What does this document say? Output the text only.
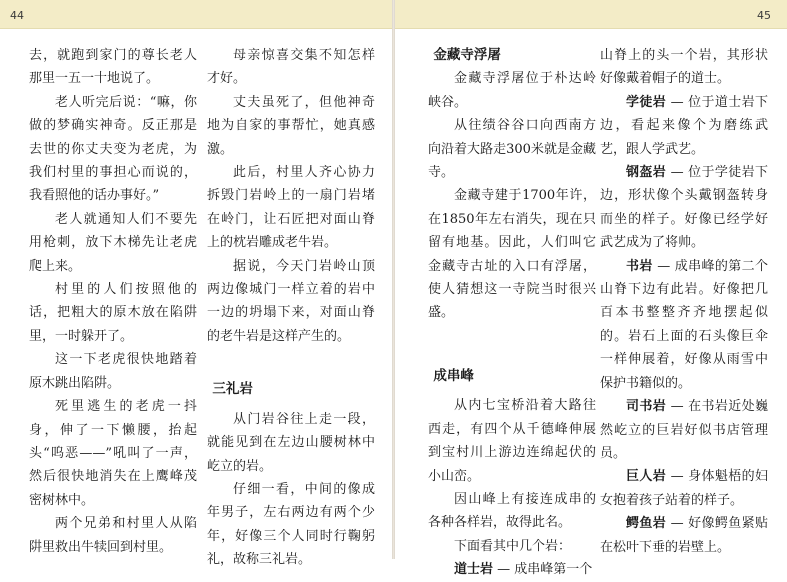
44

去，就跑到家门的尊长老人那里一五一十地说了。

老人听完后说：“嘛，你做的梦确实神奇。反正那是去世的你丈夫变为老虎，为我们村里的事担心而说的，我看照他的话办事好。”

老人就通知人们不要先用枪刺，放下木梯先让老虎爬上来。

村里的人们按照他的话，把粗大的原木放在陷阱里，一时躲开了。

这一下老虎很快地踏着原木跳出陷阱。

死里逃生的老虎一抖身，伸了一下懒腰，抬起头“呜恶——”吼叫了一声，然后很快地消失在上鹰峰茂密树林中。

两个兄弟和村里人从陷阱里救出牛犊回到村里。

母亲惊喜交集不知怎样才好。

丈夫虽死了，但他神奇地为自家的事帮忙，她真感激。

此后，村里人齐心协力拆毁门岩岭上的一扇门岩堵在岭门，让石匠把对面山脊上的枕岩雕成老牛岩。

据说，今天门岩岭山顶两边像城门一样立着的岩中一边的坍塌下来，对面山脊的老牛岩是这样产生的。

三礼岩

从门岩谷往上走一段，就能见到在左边山腰树林中屹立的岩。

仔细一看，中间的像成年男子，左右两边有两个少年，好像三个人同时行鞠躬礼，故称三礼岩。

45
金藏寺浮屠

金藏寺浮屠位于朴达岭峡谷。

从往绩谷谷口向西南方向沿着大路走300米就是金藏寺。

金藏寺建于1700年许，在1850年左右消失，现在只留有地基。因此，人们叫它金藏寺古址的入口有浮屠，使人猜想这一寺院当时很兴盛。

成串峰

从内七宝桥沿着大路往西走，有四个从千德峰伸展到宝村川上游边连绵起伏的小山峦。

因山峰上有接连成串的各种各样岩，故得此名。

下面看其中几个岩：

道士岩 — 成串峰第一个

山脊上的头一个岩，其形状好像戴着帽子的道士。

学徒岩 — 位于道士岩下边，看起来像个为磨练武艺，跟人学武艺。

钢盔岩 — 位于学徒岩下边，形状像个头戴钢盔转身而坐的样子。好像已经学好武艺成为了将帅。

书岩 — 成串峰的第二个山脊下边有此岩。好像把几百本书整整齐齐地摆起似的。岩石上面的石头像巨伞一样伸展着，好像从雨雪中保护书籍似的。

司书岩 — 在书岩近处巍然屹立的巨岩好似书店管理员。

巨人岩 — 身体魁梧的妇女抱着孩子站着的样子。

鳄鱼岩 — 好像鳄鱼紧贴在松叶下垂的岩壁上。
